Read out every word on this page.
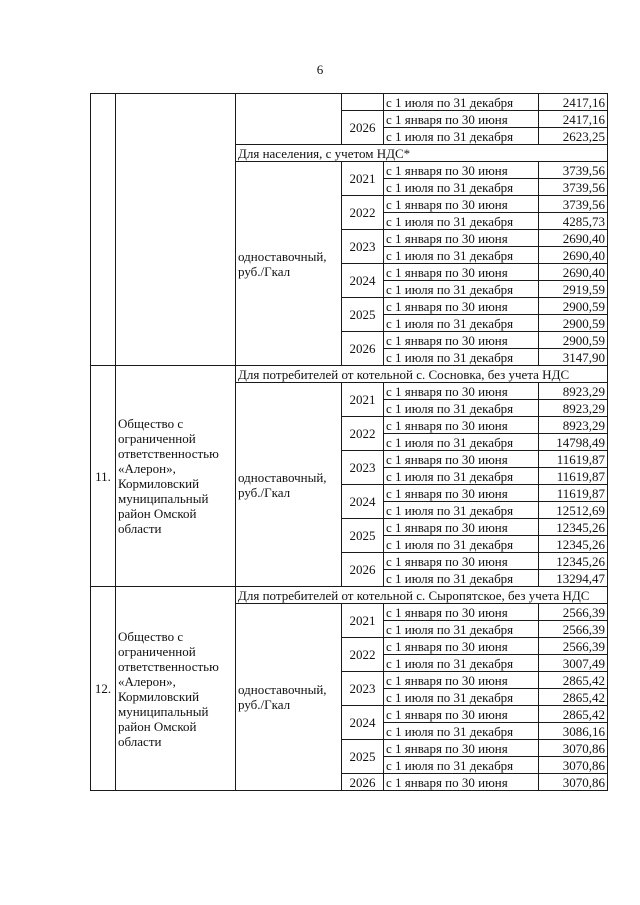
6
				с 1 июля по 31 декабря	2417,16
			2026	с 1 января по 30 июня	2417,16
				с 1 июля по 31 декабря	2623,25
		Для населения, с учетом НДС*			
		одноставочный, руб./Гкал	2021	с 1 января по 30 июня	3739,56
				с 1 июля по 31 декабря	3739,56
			2022	с 1 января по 30 июня	3739,56
				с 1 июля по 31 декабря	4285,73
			2023	с 1 января по 30 июня	2690,40
				с 1 июля по 31 декабря	2690,40
			2024	с 1 января по 30 июня	2690,40
				с 1 июля по 31 декабря	2919,59
			2025	с 1 января по 30 июня	2900,59
				с 1 июля по 31 декабря	2900,59
			2026	с 1 января по 30 июня	2900,59
				с 1 июля по 31 декабря	3147,90
11.	Общество с ограниченной ответственностью «Алерон», Кормиловский муниципальный район Омской области	Для потребителей от котельной с. Сосновка, без учета НДС			
		одноставочный, руб./Гкал	2021	с 1 января по 30 июня	8923,29
				с 1 июля по 31 декабря	8923,29
			2022	с 1 января по 30 июня	8923,29
				с 1 июля по 31 декабря	14798,49
			2023	с 1 января по 30 июня	11619,87
				с 1 июля по 31 декабря	11619,87
			2024	с 1 января по 30 июня	11619,87
				с 1 июля по 31 декабря	12512,69
			2025	с 1 января по 30 июня	12345,26
				с 1 июля по 31 декабря	12345,26
			2026	с 1 января по 30 июня	12345,26
				с 1 июля по 31 декабря	13294,47
12.	Общество с ограниченной ответственностью «Алерон», Кормиловский муниципальный район Омской области	Для потребителей от котельной с. Сыропятское, без учета НДС			
		одноставочный, руб./Гкал	2021	с 1 января по 30 июня	2566,39
				с 1 июля по 31 декабря	2566,39
			2022	с 1 января по 30 июня	2566,39
				с 1 июля по 31 декабря	3007,49
			2023	с 1 января по 30 июня	2865,42
				с 1 июля по 31 декабря	2865,42
			2024	с 1 января по 30 июня	2865,42
				с 1 июля по 31 декабря	3086,16
			2025	с 1 января по 30 июня	3070,86
				с 1 июля по 31 декабря	3070,86
			2026	с 1 января по 30 июня	3070,86
